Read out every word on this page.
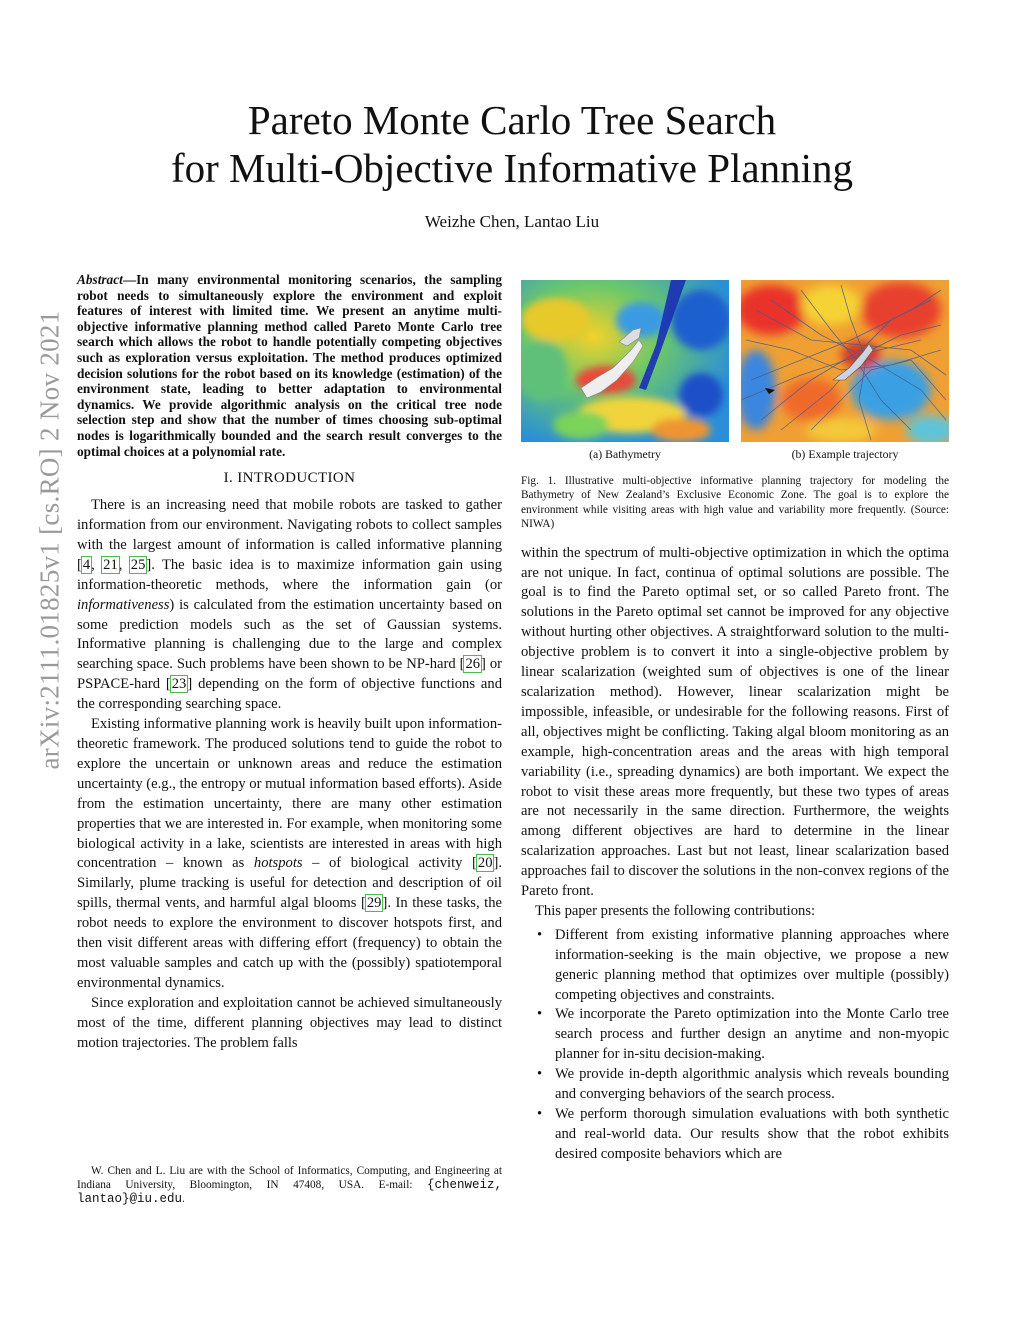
arXiv:2111.01825v1 [cs.RO] 2 Nov 2021
Pareto Monte Carlo Tree Search
for Multi-Objective Informative Planning
Weizhe Chen, Lantao Liu

Abstract—In many environmental monitoring scenarios, the sampling robot needs to simultaneously explore the environment and exploit features of interest with limited time. We present an anytime multi-objective informative planning method called Pareto Monte Carlo tree search which allows the robot to handle potentially competing objectives such as exploration versus exploitation. The method produces optimized decision solutions for the robot based on its knowledge (estimation) of the environment state, leading to better adaptation to environmental dynamics. We provide algorithmic analysis on the critical tree node selection step and show that the number of times choosing sub-optimal nodes is logarithmically bounded and the search result converges to the optimal choices at a polynomial rate.

I. INTRODUCTION

There is an increasing need that mobile robots are tasked to gather information from our environment. Navigating robots to collect samples with the largest amount of information is called informative planning [4, 21, 25]. The basic idea is to maximize information gain using information-theoretic methods, where the information gain (or informativeness) is calculated from the estimation uncertainty based on some prediction models such as the set of Gaussian systems. Informative planning is challenging due to the large and complex searching space. Such problems have been shown to be NP-hard [26] or PSPACE-hard [23] depending on the form of objective functions and the corresponding searching space.

Existing informative planning work is heavily built upon information-theoretic framework. The produced solutions tend to guide the robot to explore the uncertain or unknown areas and reduce the estimation uncertainty (e.g., the entropy or mutual information based efforts). Aside from the estimation uncertainty, there are many other estimation properties that we are interested in. For example, when monitoring some biological activity in a lake, scientists are interested in areas with high concentration – known as hotspots – of biological activity [20]. Similarly, plume tracking is useful for detection and description of oil spills, thermal vents, and harmful algal blooms [29]. In these tasks, the robot needs to explore the environment to discover hotspots first, and then visit different areas with differing effort (frequency) to obtain the most valuable samples and catch up with the (possibly) spatiotemporal environmental dynamics.

Since exploration and exploitation cannot be achieved simultaneously most of the time, different planning objectives may lead to distinct motion trajectories. The problem falls

W. Chen and L. Liu are with the School of Informatics, Computing, and Engineering at Indiana University, Bloomington, IN 47408, USA. E-mail: {chenweiz, lantao}@iu.edu.
(a) Bathymetry	(b) Example trajectory

Fig. 1. Illustrative multi-objective informative planning trajectory for modeling the Bathymetry of New Zealand’s Exclusive Economic Zone. The goal is to explore the environment while visiting areas with high value and variability more frequently. (Source: NIWA)

within the spectrum of multi-objective optimization in which the optima are not unique. In fact, continua of optimal solutions are possible. The goal is to find the Pareto optimal set, or so called Pareto front. The solutions in the Pareto optimal set cannot be improved for any objective without hurting other objectives. A straightforward solution to the multi-objective problem is to convert it into a single-objective problem by linear scalarization (weighted sum of objectives is one of the linear scalarization method). However, linear scalarization might be impossible, infeasible, or undesirable for the following reasons. First of all, objectives might be conflicting. Taking algal bloom monitoring as an example, high-concentration areas and the areas with high temporal variability (i.e., spreading dynamics) are both important. We expect the robot to visit these areas more frequently, but these two types of areas are not necessarily in the same direction. Furthermore, the weights among different objectives are hard to determine in the linear scalarization approaches. Last but not least, linear scalarization based approaches fail to discover the solutions in the non-convex regions of the Pareto front.

This paper presents the following contributions:

• Different from existing informative planning approaches where information-seeking is the main objective, we propose a new generic planning method that optimizes over multiple (possibly) competing objectives and constraints.
• We incorporate the Pareto optimization into the Monte Carlo tree search process and further design an anytime and non-myopic planner for in-situ decision-making.
• We provide in-depth algorithmic analysis which reveals bounding and converging behaviors of the search process.
• We perform thorough simulation evaluations with both synthetic and real-world data. Our results show that the robot exhibits desired composite behaviors which are
